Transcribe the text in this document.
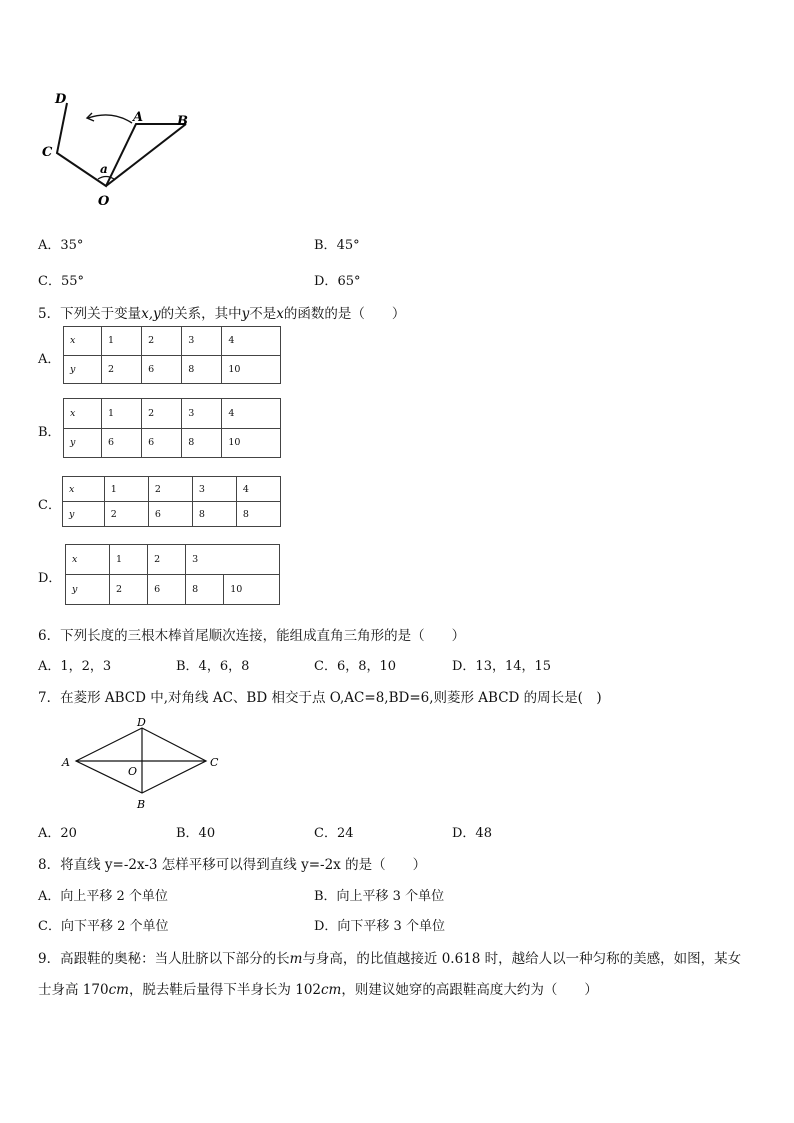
D
C
A	B
O
a
A．35°	B．45°
C．55°	D．65°
5．下列关于变量x,y的关系，其中y不是x的函数的是（　　）
A．
x	1	2	3	4
y	2	6	8	10
B．
x	1	2	3	4
y	6	6	8	10
C．
x	1	2	3	4
y	2	6	8	8
D．
x	1	2	3	
y	2	6	8	10
6．下列长度的三根木棒首尾顺次连接，能组成直角三角形的是（　　）
A．1，2，3	B．4，6，8	C．6，8，10	D．13，14，15
7．在菱形 ABCD 中,对角线 AC、BD 相交于点 O,AC=8,BD=6,则菱形 ABCD 的周长是(　)
A
D
C
B
O
A．20	B．40	C．24	D．48
8．将直线 y=-2x-3 怎样平移可以得到直线 y=-2x 的是（　　）
A．向上平移 2 个单位	B．向上平移 3 个单位
C．向下平移 2 个单位	D．向下平移 3 个单位
9．高跟鞋的奥秘：当人肚脐以下部分的长m与身高，的比值越接近 0.618 时，越给人以一种匀称的美感，如图，某女
士身高 170cm，脱去鞋后量得下半身长为 102cm，则建议她穿的高跟鞋高度大约为（　　）
